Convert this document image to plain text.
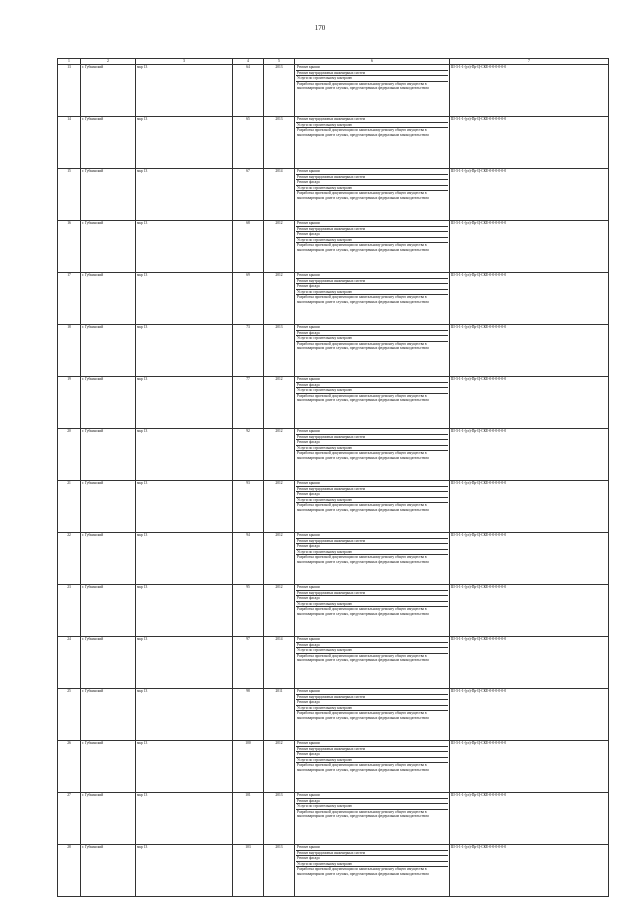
170
1	2	3	4	5	6	7
13	г. Губкинский	мкр 13	64	2013	Ремонт крыши
Ремонт внутридомовых инженерных систем
Услуги по строительному контролю
Разработка проектной документации по капитальному ремонту общего имущества в многоквартирном доме в случаях, предусмотренных федеральным законодательством	Ш-3-1-1-(ул)-Пр-Ц-СКЕ-0-0-0-0-0-0
14	г. Губкинский	мкр 13	65	2013	Ремонт внутридомовых инженерных систем
Услуги по строительному контролю
Разработка проектной документации по капитальному ремонту общего имущества в многоквартирном доме в случаях, предусмотренных федеральным законодательством	Ш-3-1-1-(ул)-Пр-Ц-СКЕ-0-0-0-0-0-0
15	г. Губкинский	мкр 13	67	2014	Ремонт крыши
Ремонт внутридомовых инженерных систем
Ремонт фасада
Услуги по строительному контролю
Разработка проектной документации по капитальному ремонту общего имущества в многоквартирном доме в случаях, предусмотренных федеральным законодательством	Ш-3-1-1-(ул)-Пр-Ц-СКЕ-0-0-0-0-0-0
16	г. Губкинский	мкр 13	68	2012	Ремонт крыши
Ремонт внутридомовых инженерных систем
Ремонт фасада
Услуги по строительному контролю
Разработка проектной документации по капитальному ремонту общего имущества в многоквартирном доме в случаях, предусмотренных федеральным законодательством	Ш-3-1-1-(ул)-Пр-Ц-СКЕ-0-0-0-0-0-0
17	г. Губкинский	мкр 13	69	2012	Ремонт крыши
Ремонт внутридомовых инженерных систем
Ремонт фасада
Услуги по строительному контролю
Разработка проектной документации по капитальному ремонту общего имущества в многоквартирном доме в случаях, предусмотренных федеральным законодательством	Ш-3-1-1-(ул)-Пр-Ц-СКЕ-0-0-0-0-0-0
18	г. Губкинский	мкр 13	73	2013	Ремонт крыши
Ремонт фасада
Услуги по строительному контролю
Разработка проектной документации по капитальному ремонту общего имущества в многоквартирном доме в случаях, предусмотренных федеральным законодательством	Ш-3-1-1-(ул)-Пр-Ц-СКЕ-0-0-0-0-0-0
19	г. Губкинский	мкр 13	77	2012	Ремонт крыши
Ремонт фасада
Услуги по строительному контролю
Разработка проектной документации по капитальному ремонту общего имущества в многоквартирном доме в случаях, предусмотренных федеральным законодательством	Ш-3-1-1-(ул)-Пр-Ц-СКЕ-0-0-0-0-0-0
20	г. Губкинский	мкр 13	92	2012	Ремонт крыши
Ремонт внутридомовых инженерных систем
Ремонт фасада
Услуги по строительному контролю
Разработка проектной документации по капитальному ремонту общего имущества в многоквартирном доме в случаях, предусмотренных федеральным законодательством	Ш-3-1-1-(ул)-Пр-Ц-СКЕ-0-0-0-0-0-0
21	г. Губкинский	мкр 13	93	2012	Ремонт крыши
Ремонт внутридомовых инженерных систем
Ремонт фасада
Услуги по строительному контролю
Разработка проектной документации по капитальному ремонту общего имущества в многоквартирном доме в случаях, предусмотренных федеральным законодательством	Ш-3-1-1-(ул)-Пр-Ц-СКЕ-0-0-0-0-0-0
22	г. Губкинский	мкр 13	94	2012	Ремонт крыши
Ремонт внутридомовых инженерных систем
Ремонт фасада
Услуги по строительному контролю
Разработка проектной документации по капитальному ремонту общего имущества в многоквартирном доме в случаях, предусмотренных федеральным законодательством	Ш-3-1-1-(ул)-Пр-Ц-СКЕ-0-0-0-0-0-0
23	г. Губкинский	мкр 13	95	2012	Ремонт крыши
Ремонт внутридомовых инженерных систем
Ремонт фасада
Услуги по строительному контролю
Разработка проектной документации по капитальному ремонту общего имущества в многоквартирном доме в случаях, предусмотренных федеральным законодательством	Ш-3-1-1-(ул)-Пр-Ц-СКЕ-0-0-0-0-0-0
24	г. Губкинский	мкр 13	97	2014	Ремонт крыши
Ремонт фасада
Услуги по строительному контролю
Разработка проектной документации по капитальному ремонту общего имущества в многоквартирном доме в случаях, предусмотренных федеральным законодательством	Ш-3-1-1-(ул)-Пр-Ц-СКЕ-0-0-0-0-0-0
25	г. Губкинский	мкр 13	98	2011	Ремонт крыши
Ремонт внутридомовых инженерных систем
Ремонт фасада
Услуги по строительному контролю
Разработка проектной документации по капитальному ремонту общего имущества в многоквартирном доме в случаях, предусмотренных федеральным законодательством	Ш-3-1-1-(ул)-Пр-Ц-СКЕ-0-0-0-0-0-0
26	г. Губкинский	мкр 13	100	2012	Ремонт крыши
Ремонт внутридомовых инженерных систем
Ремонт фасада
Услуги по строительному контролю
Разработка проектной документации по капитальному ремонту общего имущества в многоквартирном доме в случаях, предусмотренных федеральным законодательством	Ш-3-1-1-(ул)-Пр-Ц-СКЕ-0-0-0-0-0-0
27	г. Губкинский	мкр 13	101	2013	Ремонт крыши
Ремонт фасада
Услуги по строительному контролю
Разработка проектной документации по капитальному ремонту общего имущества в многоквартирном доме в случаях, предусмотренных федеральным законодательством	Ш-3-1-1-(ул)-Пр-Ц-СКЕ-0-0-0-0-0-0
28	г. Губкинский	мкр 13	103	2013	Ремонт крыши
Ремонт внутридомовых инженерных систем
Ремонт фасада
Услуги по строительному контролю
Разработка проектной документации по капитальному ремонту общего имущества в многоквартирном доме в случаях, предусмотренных федеральным законодательством	Ш-3-1-1-(ул)-Пр-Ц-СКЕ-0-0-0-0-0-0
